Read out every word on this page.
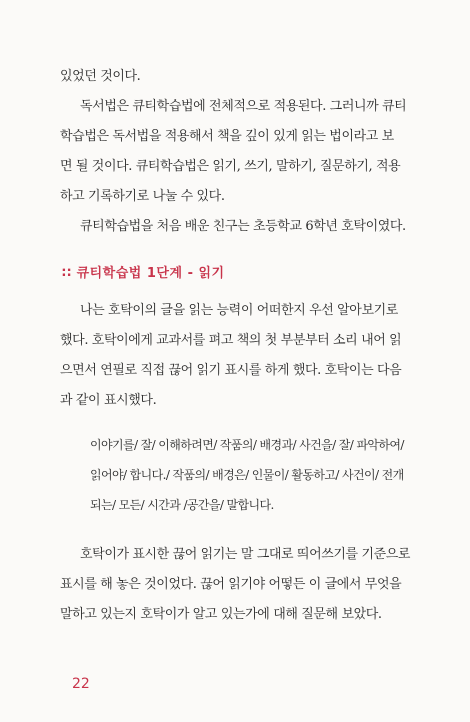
있었던 것이다.

독서법은 큐티학습법에 전체적으로 적용된다. 그러니까 큐티
학습법은 독서법을 적용해서 책을 깊이 있게 읽는 법이라고 보
면 될 것이다. 큐티학습법은 읽기, 쓰기, 말하기, 질문하기, 적용
하고 기록하기로 나눌 수 있다.

큐티학습법을 처음 배운 친구는 초등학교 6학년 호탁이였다.

∷ 큐티학습법 1단계 - 읽기

나는 호탁이의 글을 읽는 능력이 어떠한지 우선 알아보기로
했다. 호탁이에게 교과서를 펴고 책의 첫 부분부터 소리 내어 읽
으면서 연필로 직접 끊어 읽기 표시를 하게 했다. 호탁이는 다음
과 같이 표시했다.

이야기를/ 잘/ 이해하려면/ 작품의/ 배경과/ 사건을/ 잘/ 파악하여/
읽어야/ 합니다./ 작품의/ 배경은/ 인물이/ 활동하고/ 사건이/ 전개
되는/ 모든/ 시간과 /공간을/ 말합니다.

호탁이가 표시한 끊어 읽기는 말 그대로 띄어쓰기를 기준으로
표시를 해 놓은 것이었다. 끊어 읽기야 어떻든 이 글에서 무엇을
말하고 있는지 호탁이가 알고 있는가에 대해 질문해 보았다.

22
